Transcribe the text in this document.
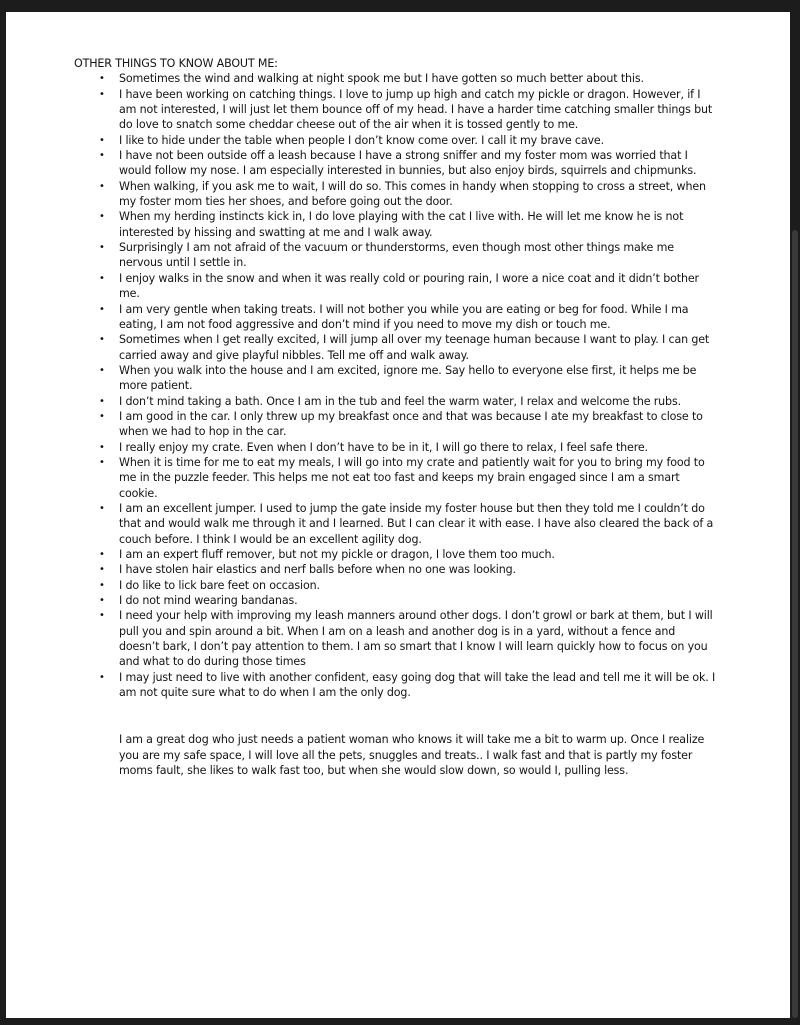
OTHER THINGS TO KNOW ABOUT ME:

• Sometimes the wind and walking at night spook me but I have gotten so much better about this.
• I have been working on catching things. I love to jump up high and catch my pickle or dragon. However, if I am not interested, I will just let them bounce off of my head. I have a harder time catching smaller things but do love to snatch some cheddar cheese out of the air when it is tossed gently to me.
• I like to hide under the table when people I don’t know come over. I call it my brave cave.
• I have not been outside off a leash because I have a strong sniffer and my foster mom was worried that I would follow my nose. I am especially interested in bunnies, but also enjoy birds, squirrels and chipmunks.
• When walking, if you ask me to wait, I will do so. This comes in handy when stopping to cross a street, when my foster mom ties her shoes, and before going out the door.
• When my herding instincts kick in, I do love playing with the cat I live with. He will let me know he is not interested by hissing and swatting at me and I walk away.
• Surprisingly I am not afraid of the vacuum or thunderstorms, even though most other things make me nervous until I settle in.
• I enjoy walks in the snow and when it was really cold or pouring rain, I wore a nice coat and it didn’t bother me.
• I am very gentle when taking treats. I will not bother you while you are eating or beg for food. While I ma eating, I am not food aggressive and don’t mind if you need to move my dish or touch me.
• Sometimes when I get really excited, I will jump all over my teenage human because I want to play. I can get carried away and give playful nibbles. Tell me off and walk away.
• When you walk into the house and I am excited, ignore me. Say hello to everyone else first, it helps me be more patient.
• I don’t mind taking a bath. Once I am in the tub and feel the warm water, I relax and welcome the rubs.
• I am good in the car. I only threw up my breakfast once and that was because I ate my breakfast to close to when we had to hop in the car.
• I really enjoy my crate. Even when I don’t have to be in it, I will go there to relax, I feel safe there.
• When it is time for me to eat my meals, I will go into my crate and patiently wait for you to bring my food to me in the puzzle feeder. This helps me not eat too fast and keeps my brain engaged since I am a smart cookie.
• I am an excellent jumper. I used to jump the gate inside my foster house but then they told me I couldn’t do that and would walk me through it and I learned. But I can clear it with ease. I have also cleared the back of a couch before. I think I would be an excellent agility dog.
• I am an expert fluff remover, but not my pickle or dragon, I love them too much.
• I have stolen hair elastics and nerf balls before when no one was looking.
• I do like to lick bare feet on occasion.
• I do not mind wearing bandanas.
• I need your help with improving my leash manners around other dogs. I don’t growl or bark at them, but I will pull you and spin around a bit. When I am on a leash and another dog is in a yard, without a fence and doesn’t bark, I don’t pay attention to them. I am so smart that I know I will learn quickly how to focus on you and what to do during those times
• I may just need to live with another confident, easy going dog that will take the lead and tell me it will be ok. I am not quite sure what to do when I am the only dog.

I am a great dog who just needs a patient woman who knows it will take me a bit to warm up. Once I realize you are my safe space, I will love all the pets, snuggles and treats.. I walk fast and that is partly my foster moms fault, she likes to walk fast too, but when she would slow down, so would I, pulling less.
